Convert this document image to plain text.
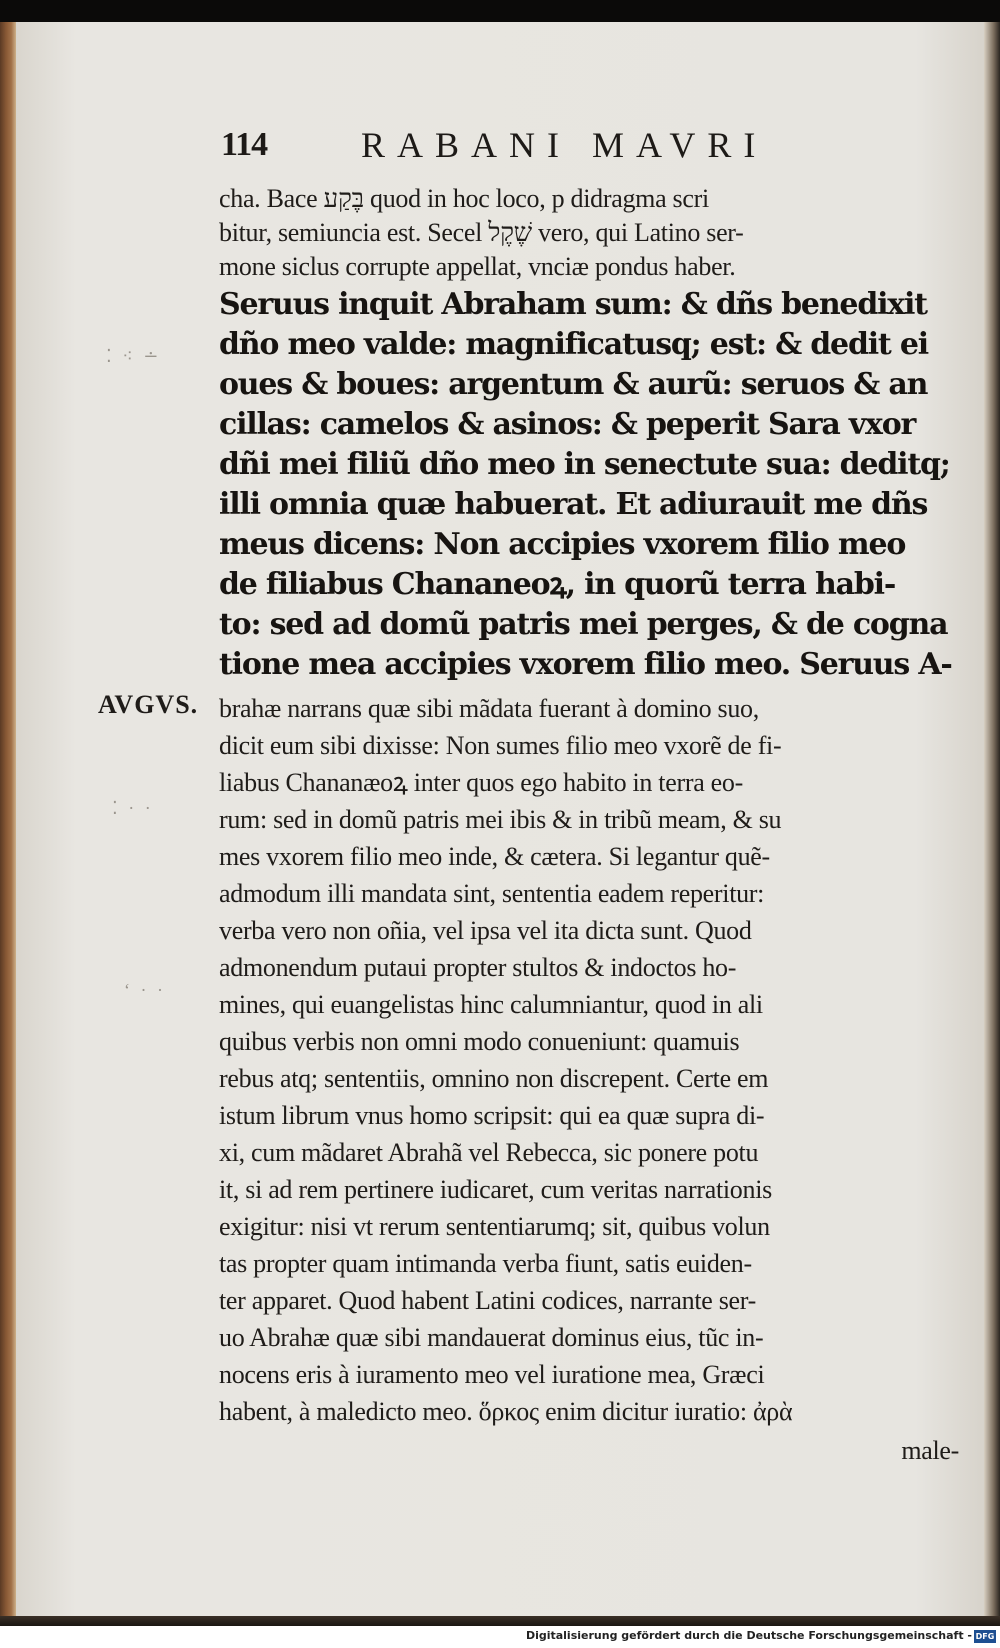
114	RABANI MAVRI
AVGVS.
⁚ ⁖ ∸
⁚ · ·
‘ · ·
cha. Bace בֶּקַע quod in hoc loco, p didragma scri
bitur, semiuncia est. Secel שֶׁקֶל vero, qui Latino ser-
mone siclus corrupte appellat, vnciæ pondus haber.
Seruus inquit Abraham sum: & dñs benedixit
dño meo valde: magnificatusq; est: & dedit ei
oues & boues: argentum & aurũ: seruos & an
cillas: camelos & asinos: & peperit Sara vxor
dñi mei filiũ dño meo in senectute sua: deditq;
illi omnia quæ habuerat. Et adiurauit me dñs
meus dicens: Non accipies vxorem filio meo
de filiabus Chananeoꝝ, in quorũ terra habi-
to: sed ad domũ patris mei perges, & de cogna
tione mea accipies vxorem filio meo. Seruus A-
brahæ narrans quæ sibi mãdata fuerant à domino suo,
dicit eum sibi dixisse: Non sumes filio meo vxorẽ de fi-
liabus Chananæoꝝ inter quos ego habito in terra eo-
rum: sed in domũ patris mei ibis & in tribũ meam, & su
mes vxorem filio meo inde, & cætera. Si legantur quẽ-
admodum illi mandata sint, sententia eadem reperitur:
verba vero non oñia, vel ipsa vel ita dicta sunt. Quod
admonendum putaui propter stultos & indoctos ho-
mines, qui euangelistas hinc calumniantur, quod in ali
quibus verbis non omni modo conueniunt: quamuis
rebus atq; sententiis, omnino non discrepent. Certe em
istum librum vnus homo scripsit: qui ea quæ supra di-
xi, cum mãdaret Abrahã vel Rebecca, sic ponere potu
it, si ad rem pertinere iudicaret, cum veritas narrationis
exigitur: nisi vt rerum sententiarumq; sit, quibus volun
tas propter quam intimanda verba fiunt, satis euiden-
ter apparet. Quod habent Latini codices, narrante ser-
uo Abrahæ quæ sibi mandauerat dominus eius, tũc in-
nocens eris à iuramento meo vel iuratione mea, Græci
habent, à maledicto meo. ὅρκος enim dicitur iuratio: ἀρὰ
male-
Digitalisierung gefördert durch die Deutsche Forschungsgemeinschaft - DFG
